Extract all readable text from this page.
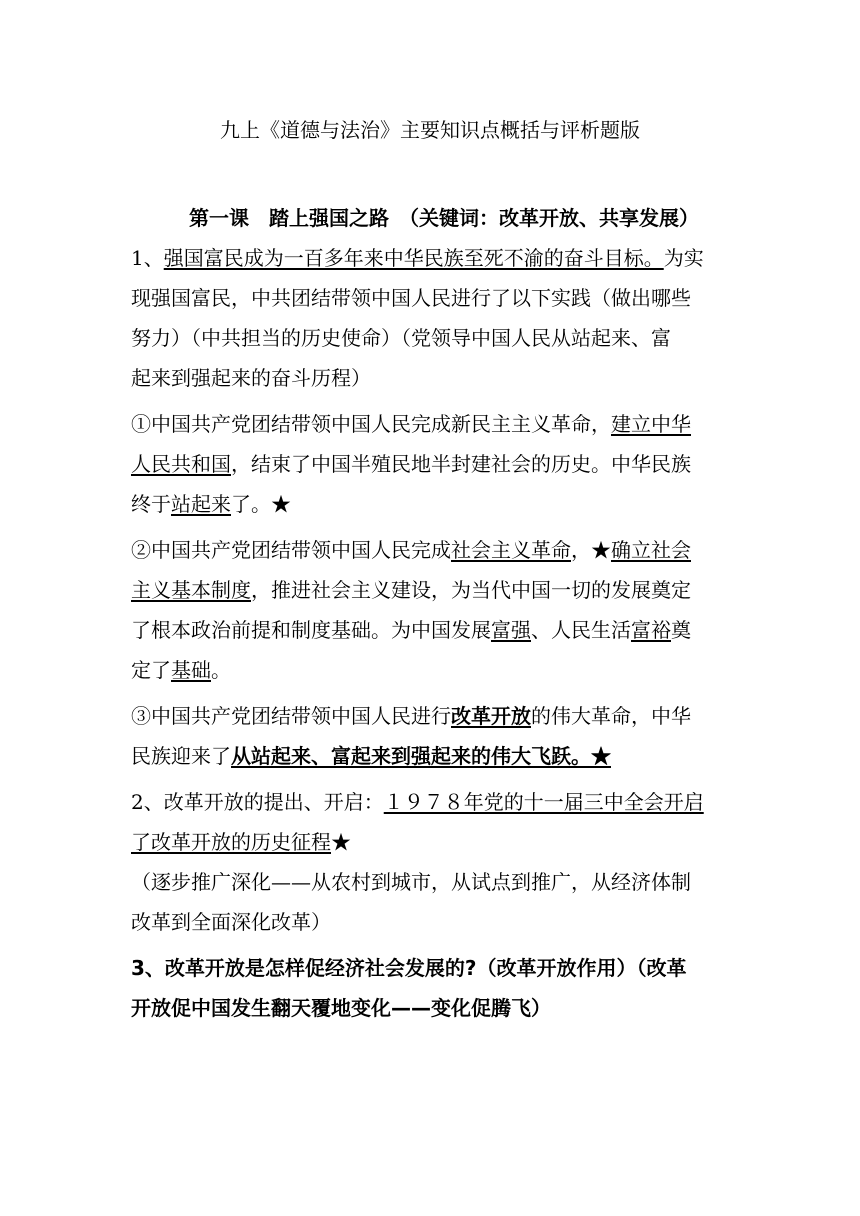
九上《道德与法治》主要知识点概括与评析题版
第一课　踏上强国之路　（关键词：改革开放、共享发展）
1、强国富民成为一百多年来中华民族至死不渝的奋斗目标。为实
现强国富民，中共团结带领中国人民进行了以下实践（做出哪些
努力）（中共担当的历史使命）（党领导中国人民从站起来、富
起来到强起来的奋斗历程）
①中国共产党团结带领中国人民完成新民主主义革命，建立中华
人民共和国，结束了中国半殖民地半封建社会的历史。中华民族
终于站起来了。★
②中国共产党团结带领中国人民完成社会主义革命，★确立社会
主义基本制度，推进社会主义建设，为当代中国一切的发展奠定
了根本政治前提和制度基础。为中国发展富强、人民生活富裕奠
定了基础。
③中国共产党团结带领中国人民进行改革开放的伟大革命，中华
民族迎来了从站起来、富起来到强起来的伟大飞跃。★
2、改革开放的提出、开启：１９７８年党的十一届三中全会开启
了改革开放的历史征程★
（逐步推广深化——从农村到城市，从试点到推广，从经济体制
改革到全面深化改革）
3、改革开放是怎样促经济社会发展的?（改革开放作用）（改革
开放促中国发生翻天覆地变化——变化促腾飞）
